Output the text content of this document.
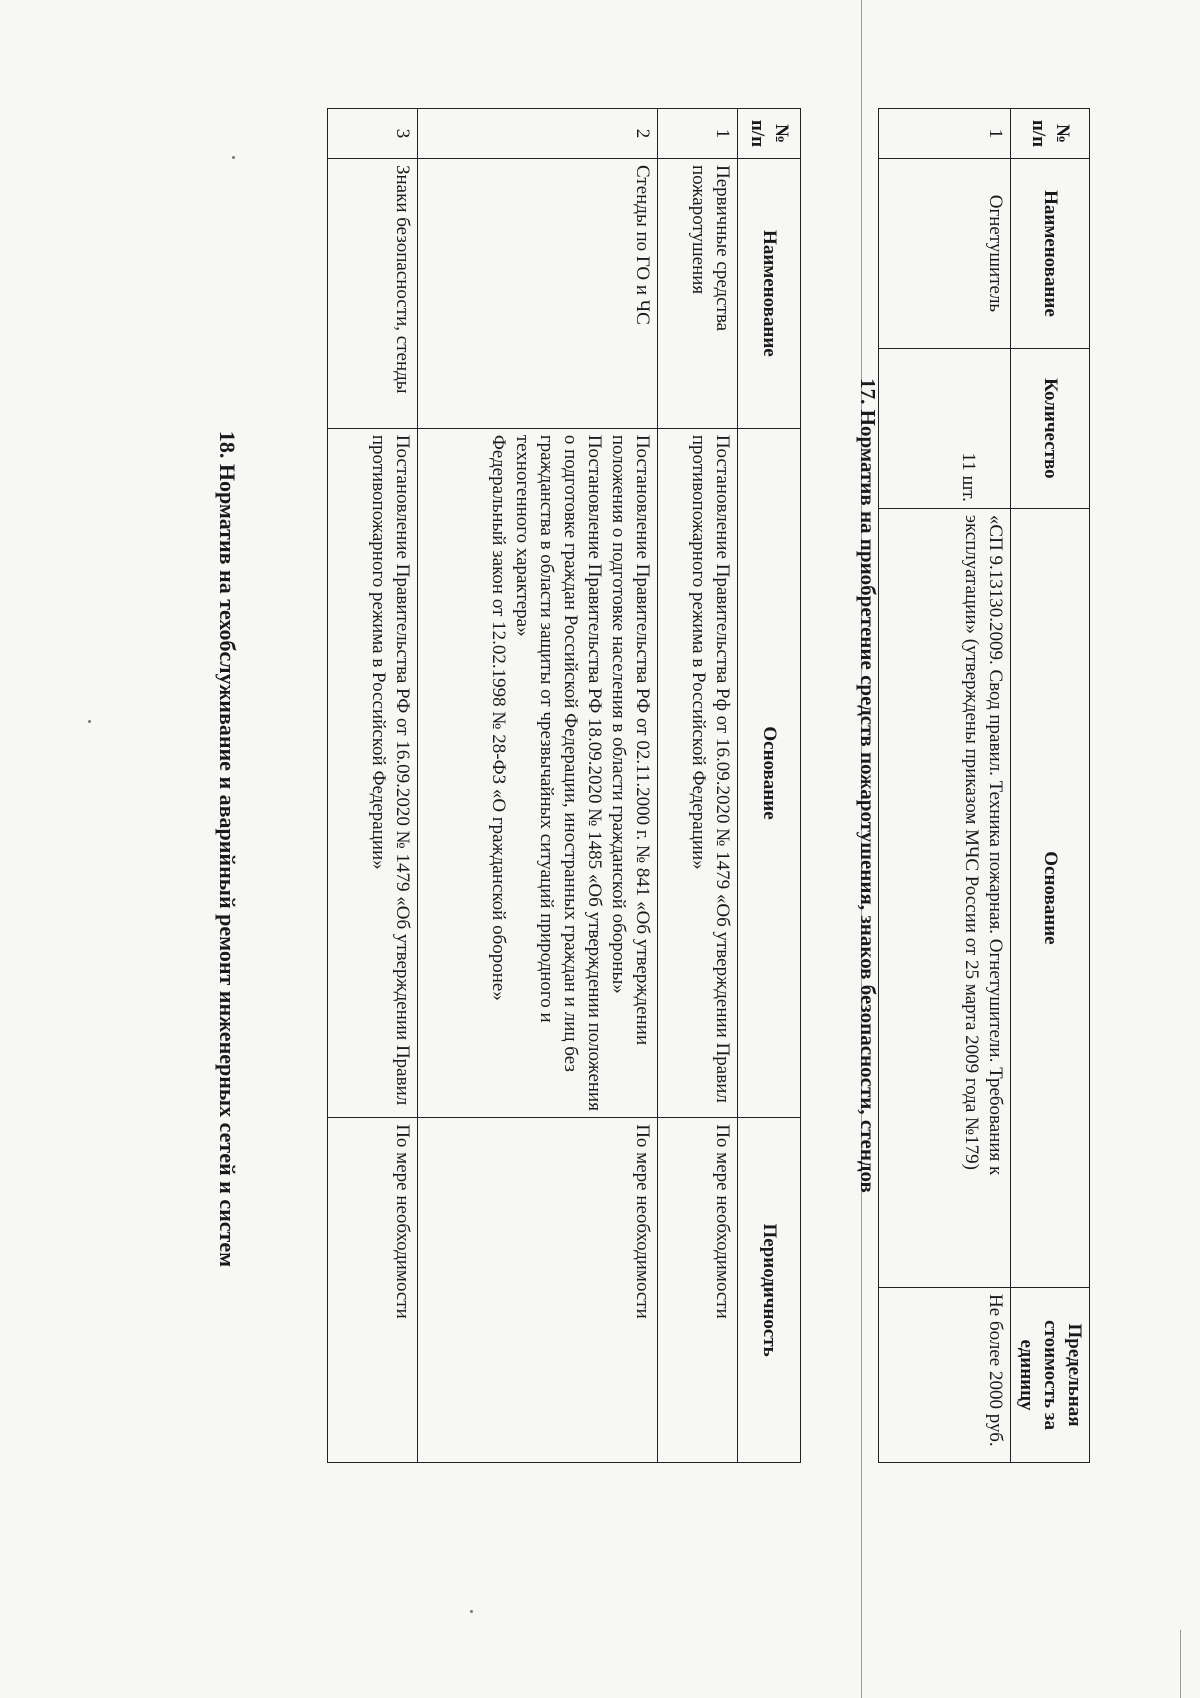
№ п/п	Наименование	Количество	Основание	Предельная стоимость за единицу
1	Огнетушитель	11 шт.	«СП 9.13130.2009. Свод правил. Техника пожарная. Огнетушители. Требования к эксплуатации» (утверждены приказом МЧС России от 25 марта 2009 года №179)	Не более 2000 руб.
17. Норматив на приобретение средств пожаротушения, знаков безопасности, стендов
№ п/п	Наименование	Основание	Периодичность
1	Первичные средства пожаротушения	Постановление Правительства Рф от 16.09.2020 № 1479 «Об утверждении Правил противопожарного режима в Российской Федерации»	По мере необходимости
2	Стенды по ГО и ЧС	Постановление Правительства РФ от 02.11.2000 г. № 841 «Об утверждении положения о подготовке населения в области гражданской обороны»
Постановление Правительства РФ 18.09.2020 № 1485 «Об утверждении положения о подготовке граждан Российской Федерации, иностранных граждан и лиц без гражданства в области защиты от чрезвычайных ситуаций природного и техногенного характера»
Федеральный закон от 12.02.1998 № 28-ФЗ «О гражданской обороне»	По мере необходимости
3	Знаки безопасности, стенды	Постановление Правительства РФ от 16.09.2020 № 1479 «Об утверждении Правил противопожарного режима в Российской Федерации»	По мере необходимости
18. Норматив на техобслуживание и аварийный ремонт инженерных сетей и систем
